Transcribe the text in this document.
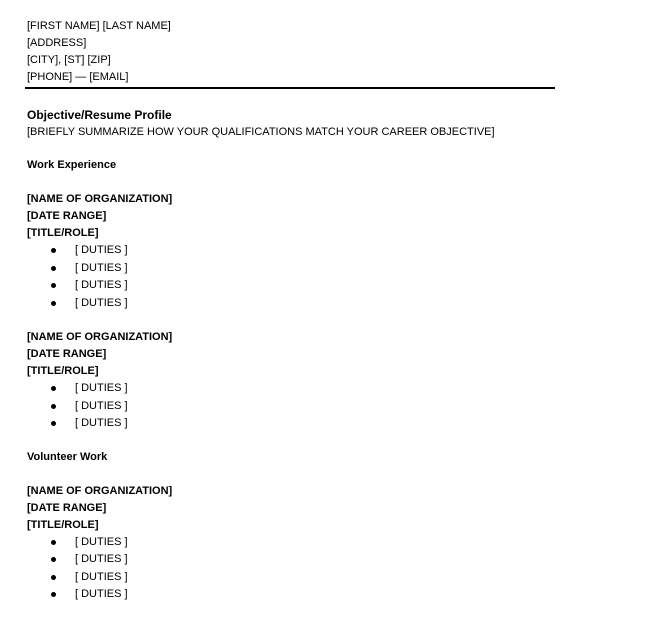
[FIRST NAME] [LAST NAME]
[ADDRESS]
[CITY], [ST] [ZIP]
[PHONE] — [EMAIL]
Objective/Resume Profile
[BRIEFLY SUMMARIZE HOW YOUR QUALIFICATIONS MATCH YOUR CAREER OBJECTIVE]
Work Experience
[NAME OF ORGANIZATION]
[DATE RANGE]
[TITLE/ROLE]
[ DUTIES ]
[ DUTIES ]
[ DUTIES ]
[ DUTIES ]
[NAME OF ORGANIZATION]
[DATE RANGE]
[TITLE/ROLE]
[ DUTIES ]
[ DUTIES ]
[ DUTIES ]
Volunteer Work
[NAME OF ORGANIZATION]
[DATE RANGE]
[TITLE/ROLE]
[ DUTIES ]
[ DUTIES ]
[ DUTIES ]
[ DUTIES ]
